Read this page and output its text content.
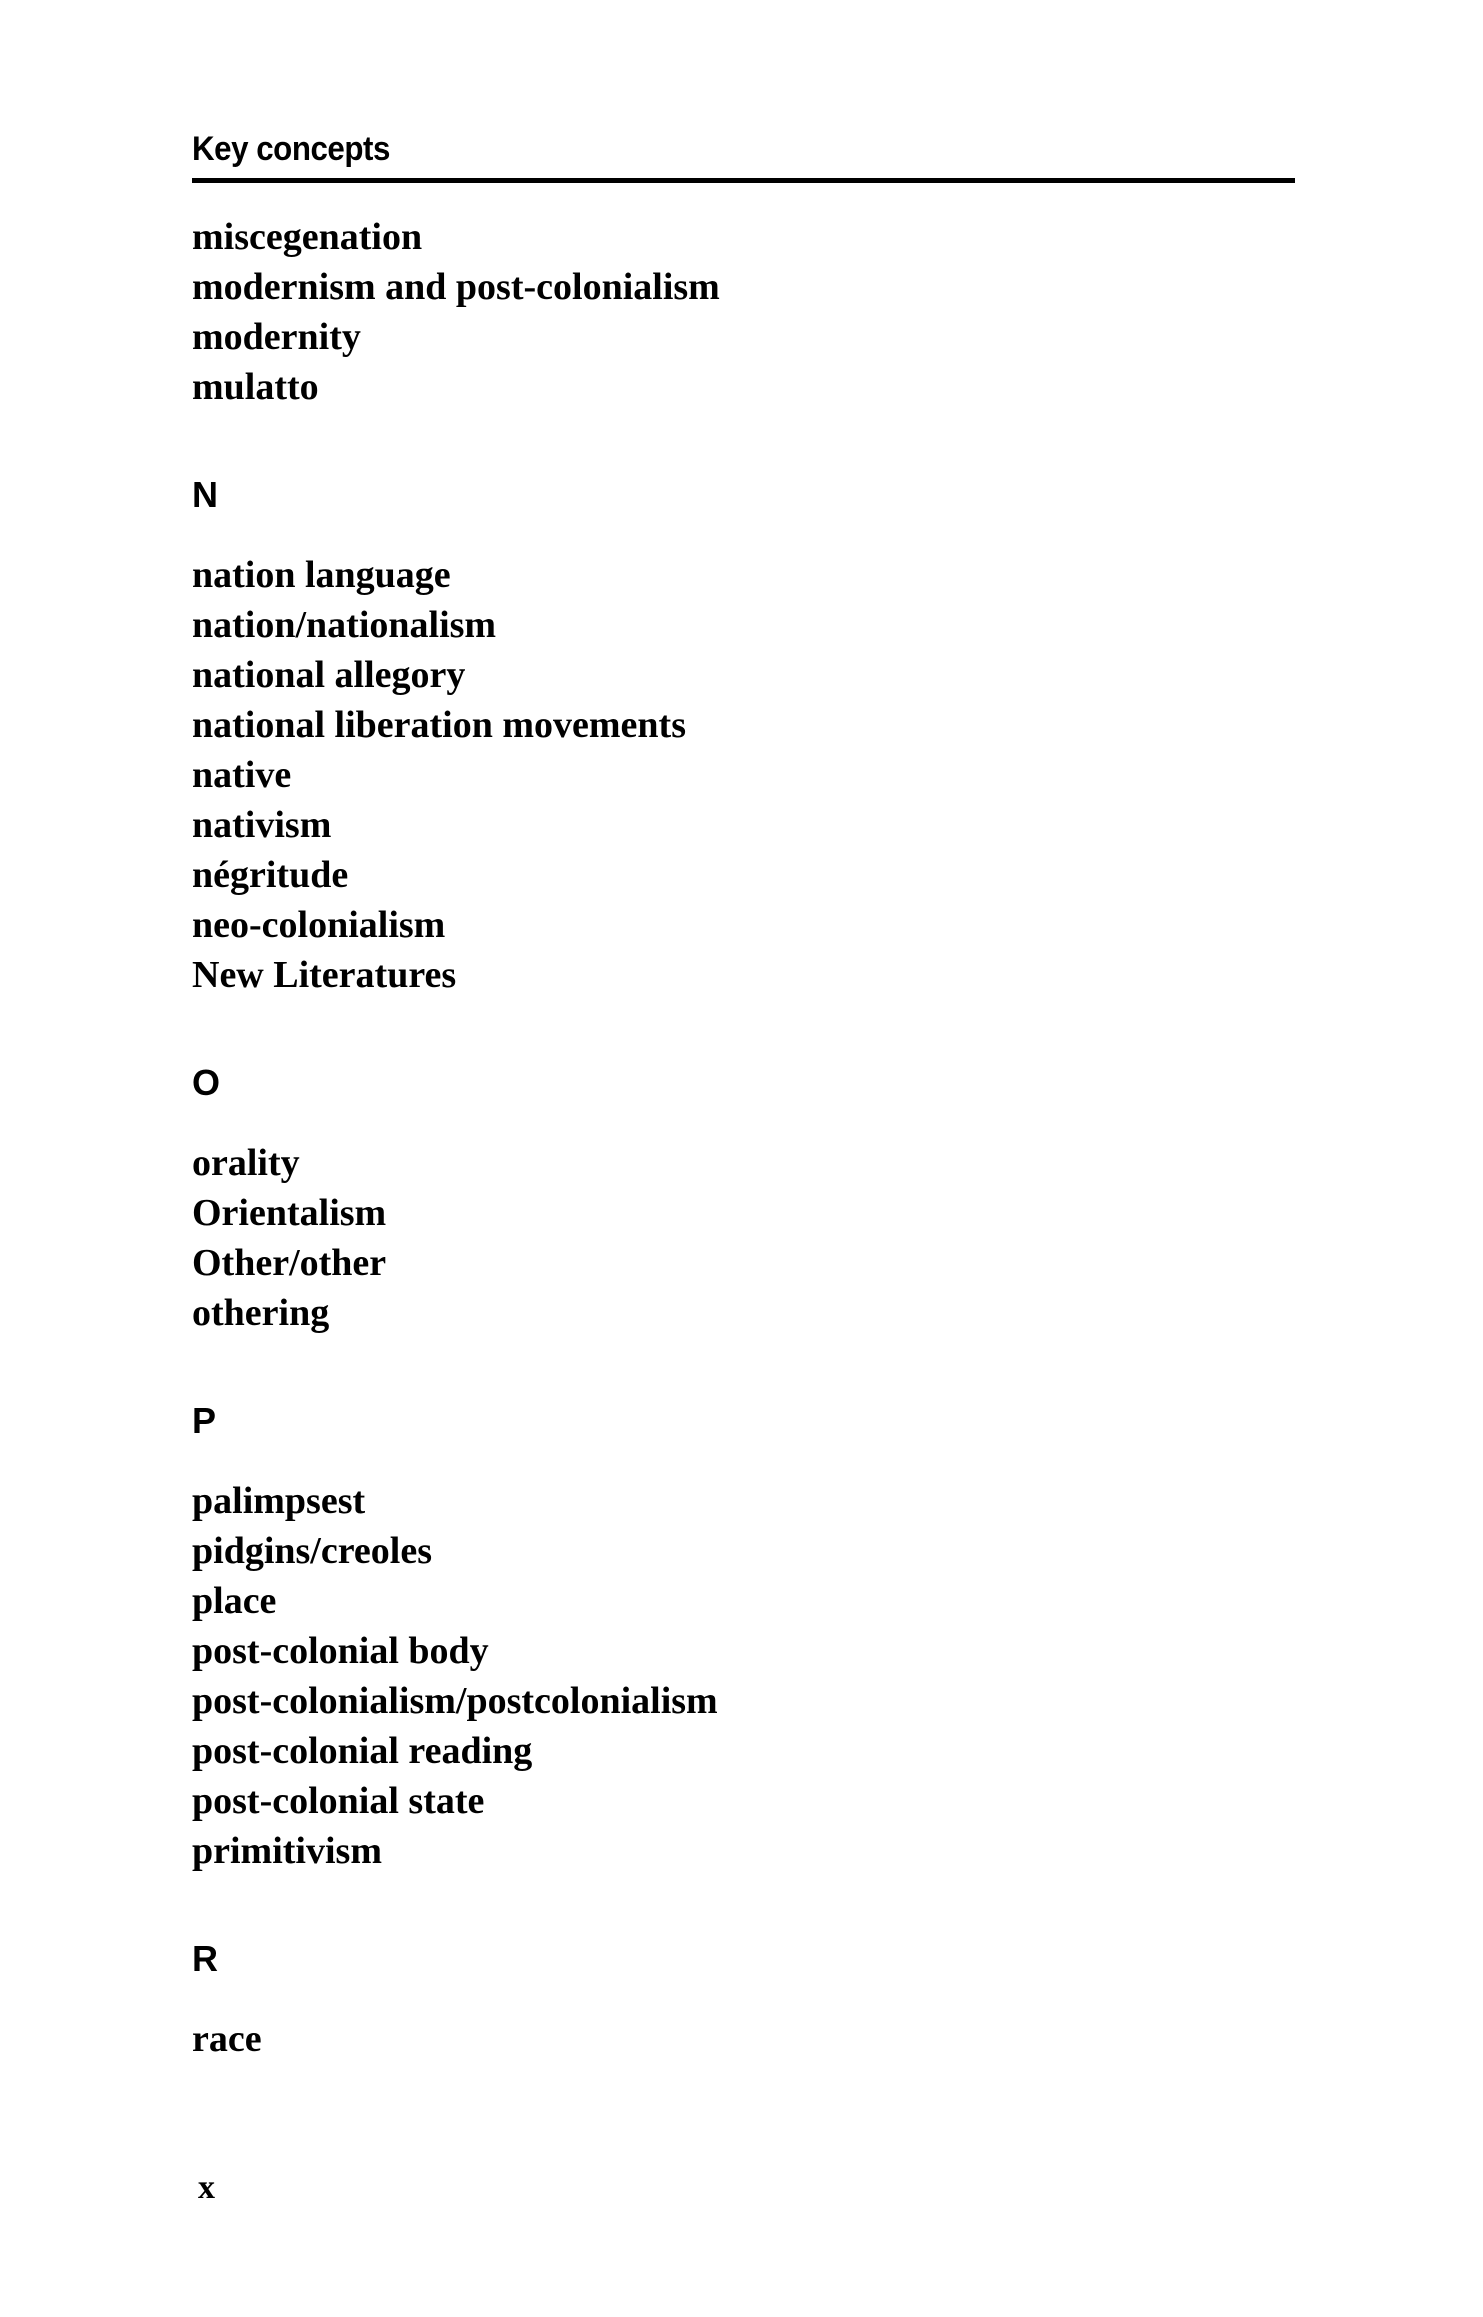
Key concepts
miscegenation
modernism and post-colonialism
modernity
mulatto
N
nation language
nation/nationalism
national allegory
national liberation movements
native
nativism
négritude
neo-colonialism
New Literatures
O
orality
Orientalism
Other/other
othering
P
palimpsest
pidgins/creoles
place
post-colonial body
post-colonialism/postcolonialism
post-colonial reading
post-colonial state
primitivism
R
race
x
